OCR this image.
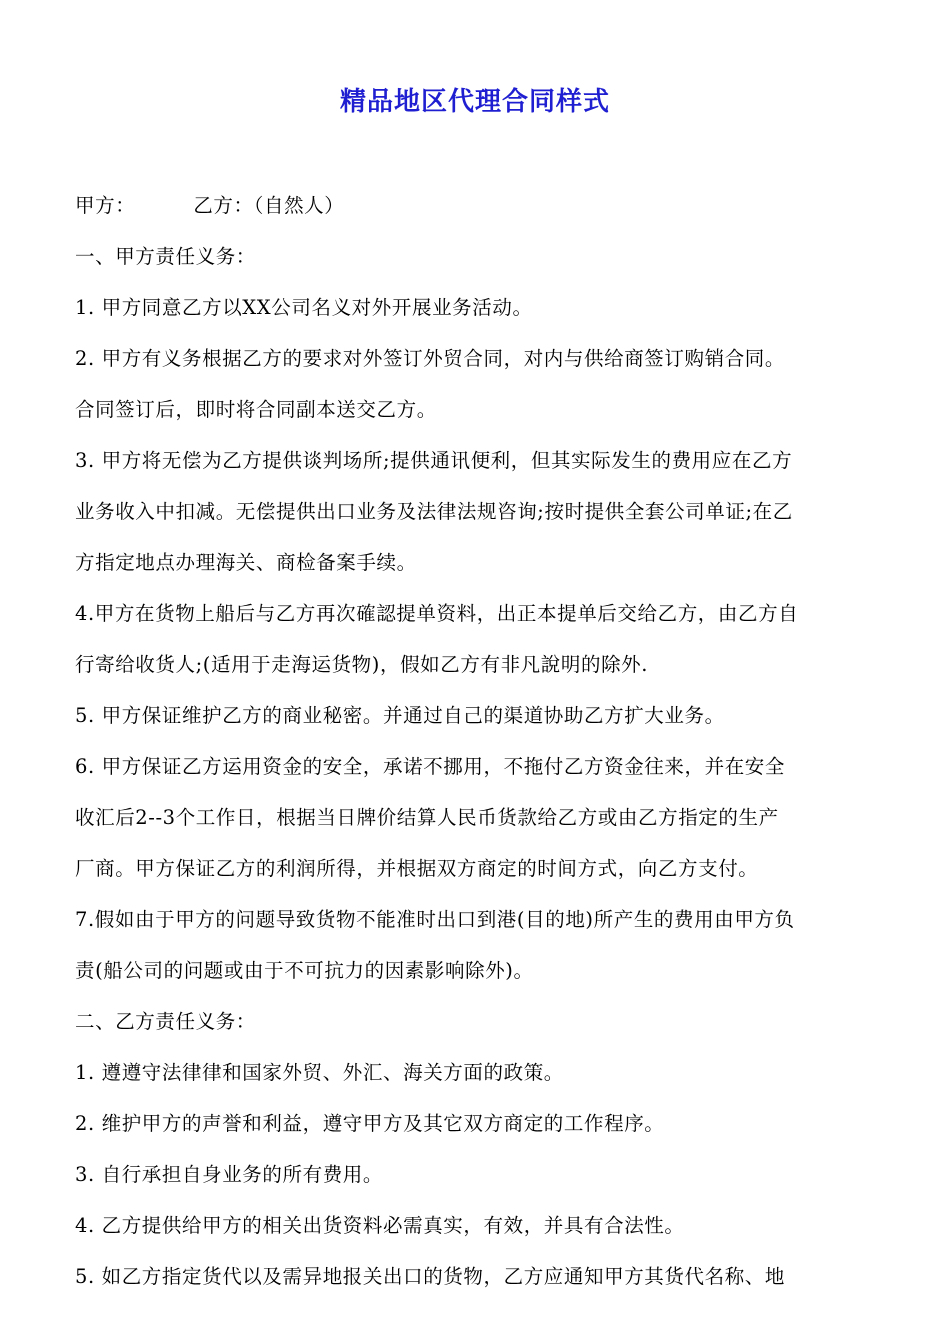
精品地区代理合同样式
甲方：	乙方：（自然人）
一、甲方责任义务：
1. 甲方同意乙方以XX公司名义对外开展业务活动。
2. 甲方有义务根据乙方的要求对外签订外贸合同，对内与供给商签订购销合同。
合同签订后，即时将合同副本送交乙方。
3. 甲方将无偿为乙方提供谈判场所;提供通讯便利，但其实际发生的费用应在乙方
业务收入中扣减。无偿提供出口业务及法律法规咨询;按时提供全套公司单证;在乙
方指定地点办理海关、商检备案手续。
4.甲方在货物上船后与乙方再次確認提单资料，出正本提单后交给乙方，由乙方自
行寄给收货人;(适用于走海运货物)，假如乙方有非凡說明的除外.
5. 甲方保证维护乙方的商业秘密。并通过自己的渠道协助乙方扩大业务。
6. 甲方保证乙方运用资金的安全，承诺不挪用，不拖付乙方资金往来，并在安全
收汇后2--3个工作日，根据当日牌价结算人民币货款给乙方或由乙方指定的生产
厂商。甲方保证乙方的利润所得，并根据双方商定的时间方式，向乙方支付。
7.假如由于甲方的问题导致货物不能准时出口到港(目的地)所产生的费用由甲方负
责(船公司的问题或由于不可抗力的因素影响除外)。
二、乙方责任义务：
1. 遵遵守法律律和国家外贸、外汇、海关方面的政策。
2. 维护甲方的声誉和利益，遵守甲方及其它双方商定的工作程序。
3. 自行承担自身业务的所有费用。
4. 乙方提供给甲方的相关出货资料必需真实，有效，并具有合法性。
5. 如乙方指定货代以及需异地报关出口的货物，乙方应通知甲方其货代名称、地
